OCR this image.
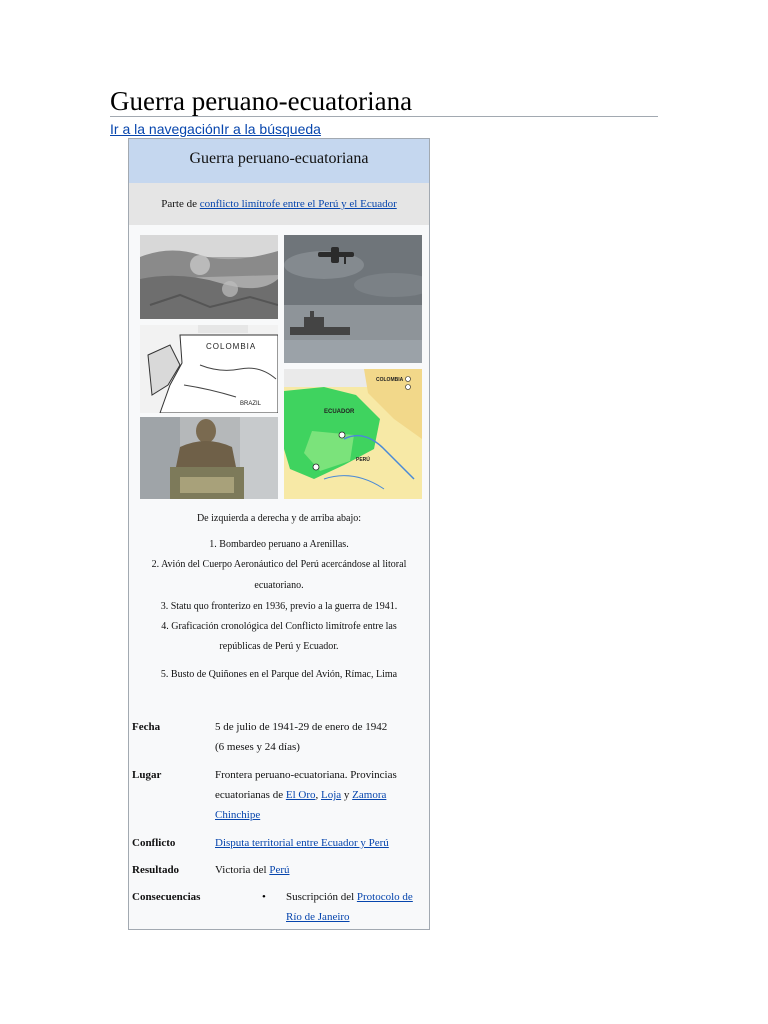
Guerra peruano-ecuatoriana
Ir a la navegaciónIr a la búsqueda
Guerra peruano-ecuatoriana
Parte de conflicto limítrofe entre el Perú y el Ecuador
COLOMBIA
BRAZIL
ECUADOR
COLOMBIA
PERÚ
De izquierda a derecha y de arriba abajo:
1. Bombardeo peruano a Arenillas.
2. Avión del Cuerpo Aeronáutico del Perú acercándose al litoral
ecuatoriano.
3. Statu quo fronterizo en 1936, previo a la guerra de 1941.
4. Graficación cronológica del Conflicto limítrofe entre las
repúblicas de Perú y Ecuador.
5. Busto de Quiñones en el Parque del Avión, Rímac, Lima
Fecha	5 de julio de 1941-29 de enero de 1942
(6 meses y 24 días)
Lugar	Frontera peruano-ecuatoriana. Provincias
ecuatorianas de El Oro, Loja y Zamora
Chinchipe
Conflicto	Disputa territorial entre Ecuador y Perú
Resultado	Victoria del Perú
Consecuencias	• Suscripción del Protocolo de
Río de Janeiro
